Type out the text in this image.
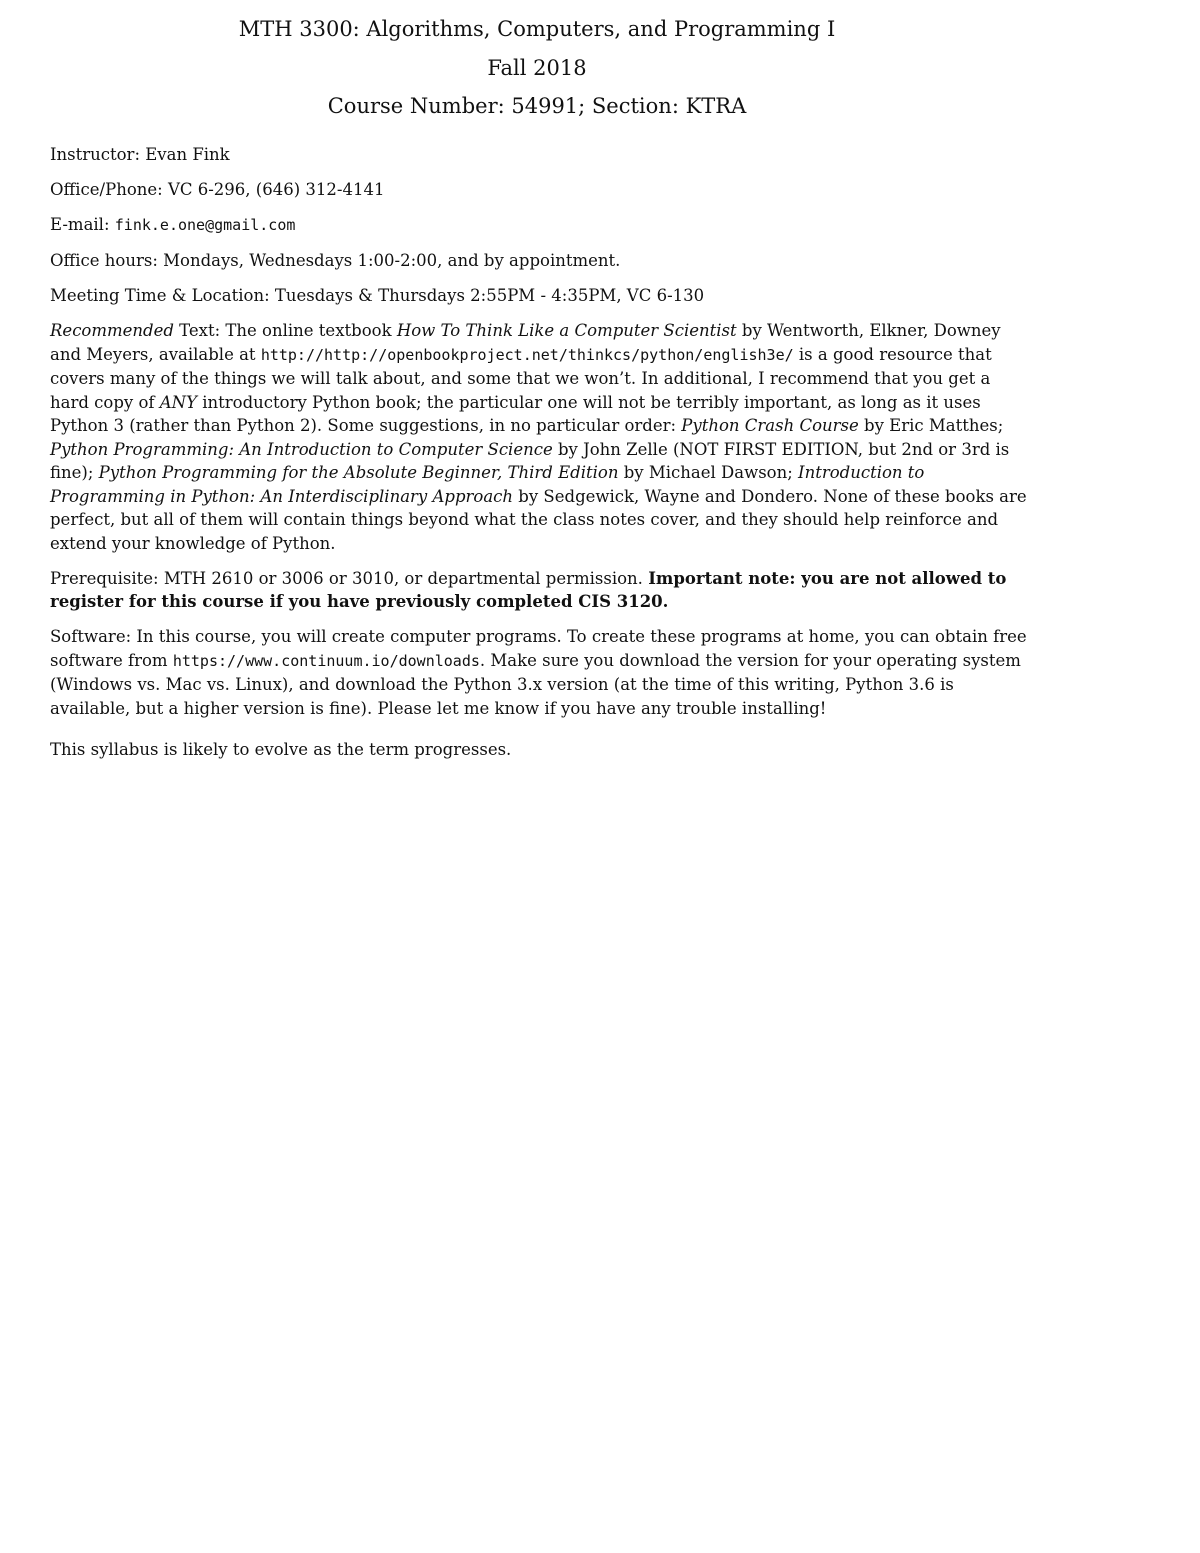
MTH 3300: Algorithms, Computers, and Programming I
Fall 2018
Course Number: 54991; Section: KTRA

Instructor: Evan Fink

Office/Phone: VC 6-296, (646) 312-4141

E-mail: fink.e.one@gmail.com

Office hours: Mondays, Wednesdays 1:00-2:00, and by appointment.

Meeting Time & Location: Tuesdays & Thursdays 2:55PM - 4:35PM, VC 6-130

Recommended Text: The online textbook How To Think Like a Computer Scientist by Wentworth, Elkner, Downey and Meyers, available at http://http://openbookproject.net/thinkcs/python/english3e/ is a good resource that covers many of the things we will talk about, and some that we won’t. In additional, I recommend that you get a hard copy of ANY introductory Python book; the particular one will not be terribly important, as long as it uses Python 3 (rather than Python 2). Some suggestions, in no particular order: Python Crash Course by Eric Matthes; Python Programming: An Introduction to Computer Science by John Zelle (NOT FIRST EDITION, but 2nd or 3rd is fine); Python Programming for the Absolute Beginner, Third Edition by Michael Dawson; Introduction to Programming in Python: An Interdisciplinary Approach by Sedgewick, Wayne and Dondero. None of these books are perfect, but all of them will contain things beyond what the class notes cover, and they should help reinforce and extend your knowledge of Python.

Prerequisite: MTH 2610 or 3006 or 3010, or departmental permission. Important note: you are not allowed to register for this course if you have previously completed CIS 3120.

Software: In this course, you will create computer programs. To create these programs at home, you can obtain free software from https://www.continuum.io/downloads. Make sure you download the version for your operating system (Windows vs. Mac vs. Linux), and download the Python 3.x version (at the time of this writing, Python 3.6 is available, but a higher version is fine). Please let me know if you have any trouble installing!

This syllabus is likely to evolve as the term progresses.
